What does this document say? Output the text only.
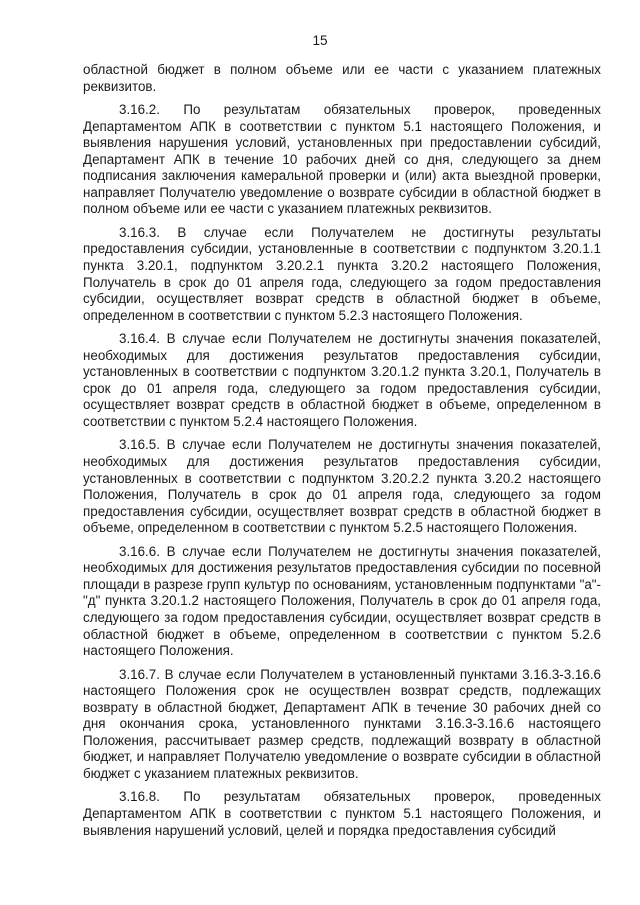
15

областной бюджет в полном объеме или ее части с указанием платежных реквизитов.

3.16.2. По результатам обязательных проверок, проведенных Департаментом АПК в соответствии с пунктом 5.1 настоящего Положения, и выявления нарушения условий, установленных при предоставлении субсидий, Департамент АПК в течение 10 рабочих дней со дня, следующего за днем подписания заключения камеральной проверки и (или) акта выездной проверки, направляет Получателю уведомление о возврате субсидии в областной бюджет в полном объеме или ее части с указанием платежных реквизитов.

3.16.3. В случае если Получателем не достигнуты результаты предоставления субсидии, установленные в соответствии с подпунктом 3.20.1.1 пункта 3.20.1, подпунктом 3.20.2.1 пункта 3.20.2 настоящего Положения, Получатель в срок до 01 апреля года, следующего за годом предоставления субсидии, осуществляет возврат средств в областной бюджет в объеме, определенном в соответствии с пунктом 5.2.3 настоящего Положения.

3.16.4. В случае если Получателем не достигнуты значения показателей, необходимых для достижения результатов предоставления субсидии, установленных в соответствии с подпунктом 3.20.1.2 пункта 3.20.1, Получатель в срок до 01 апреля года, следующего за годом предоставления субсидии, осуществляет возврат средств в областной бюджет в объеме, определенном в соответствии с пунктом 5.2.4 настоящего Положения.

3.16.5. В случае если Получателем не достигнуты значения показателей, необходимых для достижения результатов предоставления субсидии, установленных в соответствии с подпунктом 3.20.2.2 пункта 3.20.2 настоящего Положения, Получатель в срок до 01 апреля года, следующего за годом предоставления субсидии, осуществляет возврат средств в областной бюджет в объеме, определенном в соответствии с пунктом 5.2.5 настоящего Положения.

3.16.6. В случае если Получателем не достигнуты значения показателей, необходимых для достижения результатов предоставления субсидии по посевной площади в разрезе групп культур по основаниям, установленным подпунктами "а"-"д" пункта 3.20.1.2 настоящего Положения, Получатель в срок до 01 апреля года, следующего за годом предоставления субсидии, осуществляет возврат средств в областной бюджет в объеме, определенном в соответствии с пунктом 5.2.6 настоящего Положения.

3.16.7. В случае если Получателем в установленный пунктами 3.16.3-3.16.6 настоящего Положения срок не осуществлен возврат средств, подлежащих возврату в областной бюджет, Департамент АПК в течение 30 рабочих дней со дня окончания срока, установленного пунктами 3.16.3-3.16.6 настоящего Положения, рассчитывает размер средств, подлежащий возврату в областной бюджет, и направляет Получателю уведомление о возврате субсидии в областной бюджет с указанием платежных реквизитов.

3.16.8. По результатам обязательных проверок, проведенных Департаментом АПК в соответствии с пунктом 5.1 настоящего Положения, и выявления нарушений условий, целей и порядка предоставления субсидий
